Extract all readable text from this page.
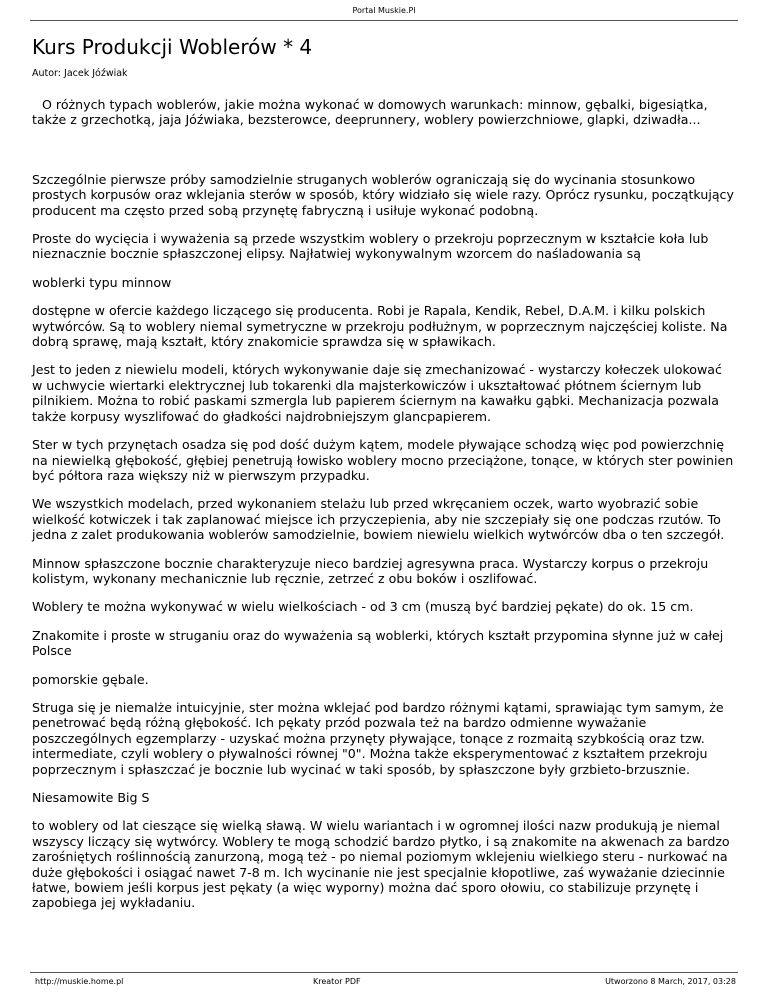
Portal Muskie.Pl
Kurs Produkcji Woblerów * 4
Autor: Jacek Jóźwiak

O różnych typach woblerów, jakie można wykonać w domowych warunkach: minnow, gębalki, bigesiątka, także z grzechotką, jaja Jóźwiaka, bezsterowce, deeprunnery, woblery powierzchniowe, glapki, dziwadła...

Szczególnie pierwsze próby samodzielnie struganych woblerów ograniczają się do wycinania stosunkowo prostych korpusów oraz wklejania sterów w sposób, który widziało się wiele razy. Oprócz rysunku, początkujący producent ma często przed sobą przynętę fabryczną i usiłuje wykonać podobną.

Proste do wycięcia i wyważenia są przede wszystkim woblery o przekroju poprzecznym w kształcie koła lub nieznacznie bocznie spłaszczonej elipsy. Najłatwiej wykonywalnym wzorcem do naśladowania są

woblerki typu minnow

dostępne w ofercie każdego liczącego się producenta. Robi je Rapala, Kendik, Rebel, D.A.M. i kilku polskich wytwórców. Są to woblery niemal symetryczne w przekroju podłużnym, w poprzecznym najczęściej koliste. Na dobrą sprawę, mają kształt, który znakomicie sprawdza się w spławikach.

Jest to jeden z niewielu modeli, których wykonywanie daje się zmechanizować - wystarczy kołeczek ulokować w uchwycie wiertarki elektrycznej lub tokarenki dla majsterkowiczów i ukształtować płótnem ściernym lub pilnikiem. Można to robić paskami szmergla lub papierem ściernym na kawałku gąbki. Mechanizacja pozwala także korpusy wyszlifować do gładkości najdrobniejszym glancpapierem.

Ster w tych przynętach osadza się pod dość dużym kątem, modele pływające schodzą więc pod powierzchnię na niewielką głębokość, głębiej penetrują łowisko woblery mocno przeciążone, tonące, w których ster powinien być półtora raza większy niż w pierwszym przypadku.

We wszystkich modelach, przed wykonaniem stelażu lub przed wkręcaniem oczek, warto wyobrazić sobie wielkość kotwiczek i tak zaplanować miejsce ich przyczepienia, aby nie szczepiały się one podczas rzutów. To jedna z zalet produkowania woblerów samodzielnie, bowiem niewielu wielkich wytwórców dba o ten szczegół.

Minnow spłaszczone bocznie charakteryzuje nieco bardziej agresywna praca. Wystarczy korpus o przekroju kolistym, wykonany mechanicznie lub ręcznie, zetrzeć z obu boków i oszlifować.

Woblery te można wykonywać w wielu wielkościach - od 3 cm (muszą być bardziej pękate) do ok. 15 cm.

Znakomite i proste w struganiu oraz do wyważenia są woblerki, których kształt przypomina słynne już w całej Polsce

pomorskie gębale.

Struga się je niemalże intuicyjnie, ster można wklejać pod bardzo różnymi kątami, sprawiając tym samym, że penetrować będą różną głębokość. Ich pękaty przód pozwala też na bardzo odmienne wyważanie poszczególnych egzemplarzy - uzyskać można przynęty pływające, tonące z rozmaitą szybkością oraz tzw. intermediate, czyli woblery o pływalności równej "0". Można także eksperymentować z kształtem przekroju poprzecznym i spłaszczać je bocznie lub wycinać w taki sposób, by spłaszczone były grzbieto-brzusznie.

Niesamowite Big S

to woblery od lat cieszące się wielką sławą. W wielu wariantach i w ogromnej ilości nazw produkują je niemal wszyscy liczący się wytwórcy. Woblery te mogą schodzić bardzo płytko, i są znakomite na akwenach za bardzo zarośniętych roślinnością zanurzoną, mogą też - po niemal poziomym wklejeniu wielkiego steru - nurkować na duże głębokości i osiągać nawet 7-8 m. Ich wycinanie nie jest specjalnie kłopotliwe, zaś wyważanie dziecinnie łatwe, bowiem jeśli korpus jest pękaty (a więc wyporny) można dać sporo ołowiu, co stabilizuje przynętę i zapobiega jej wykładaniu.

http://muskie.home.pl	Kreator PDF	Utworzono 8 March, 2017, 03:28
